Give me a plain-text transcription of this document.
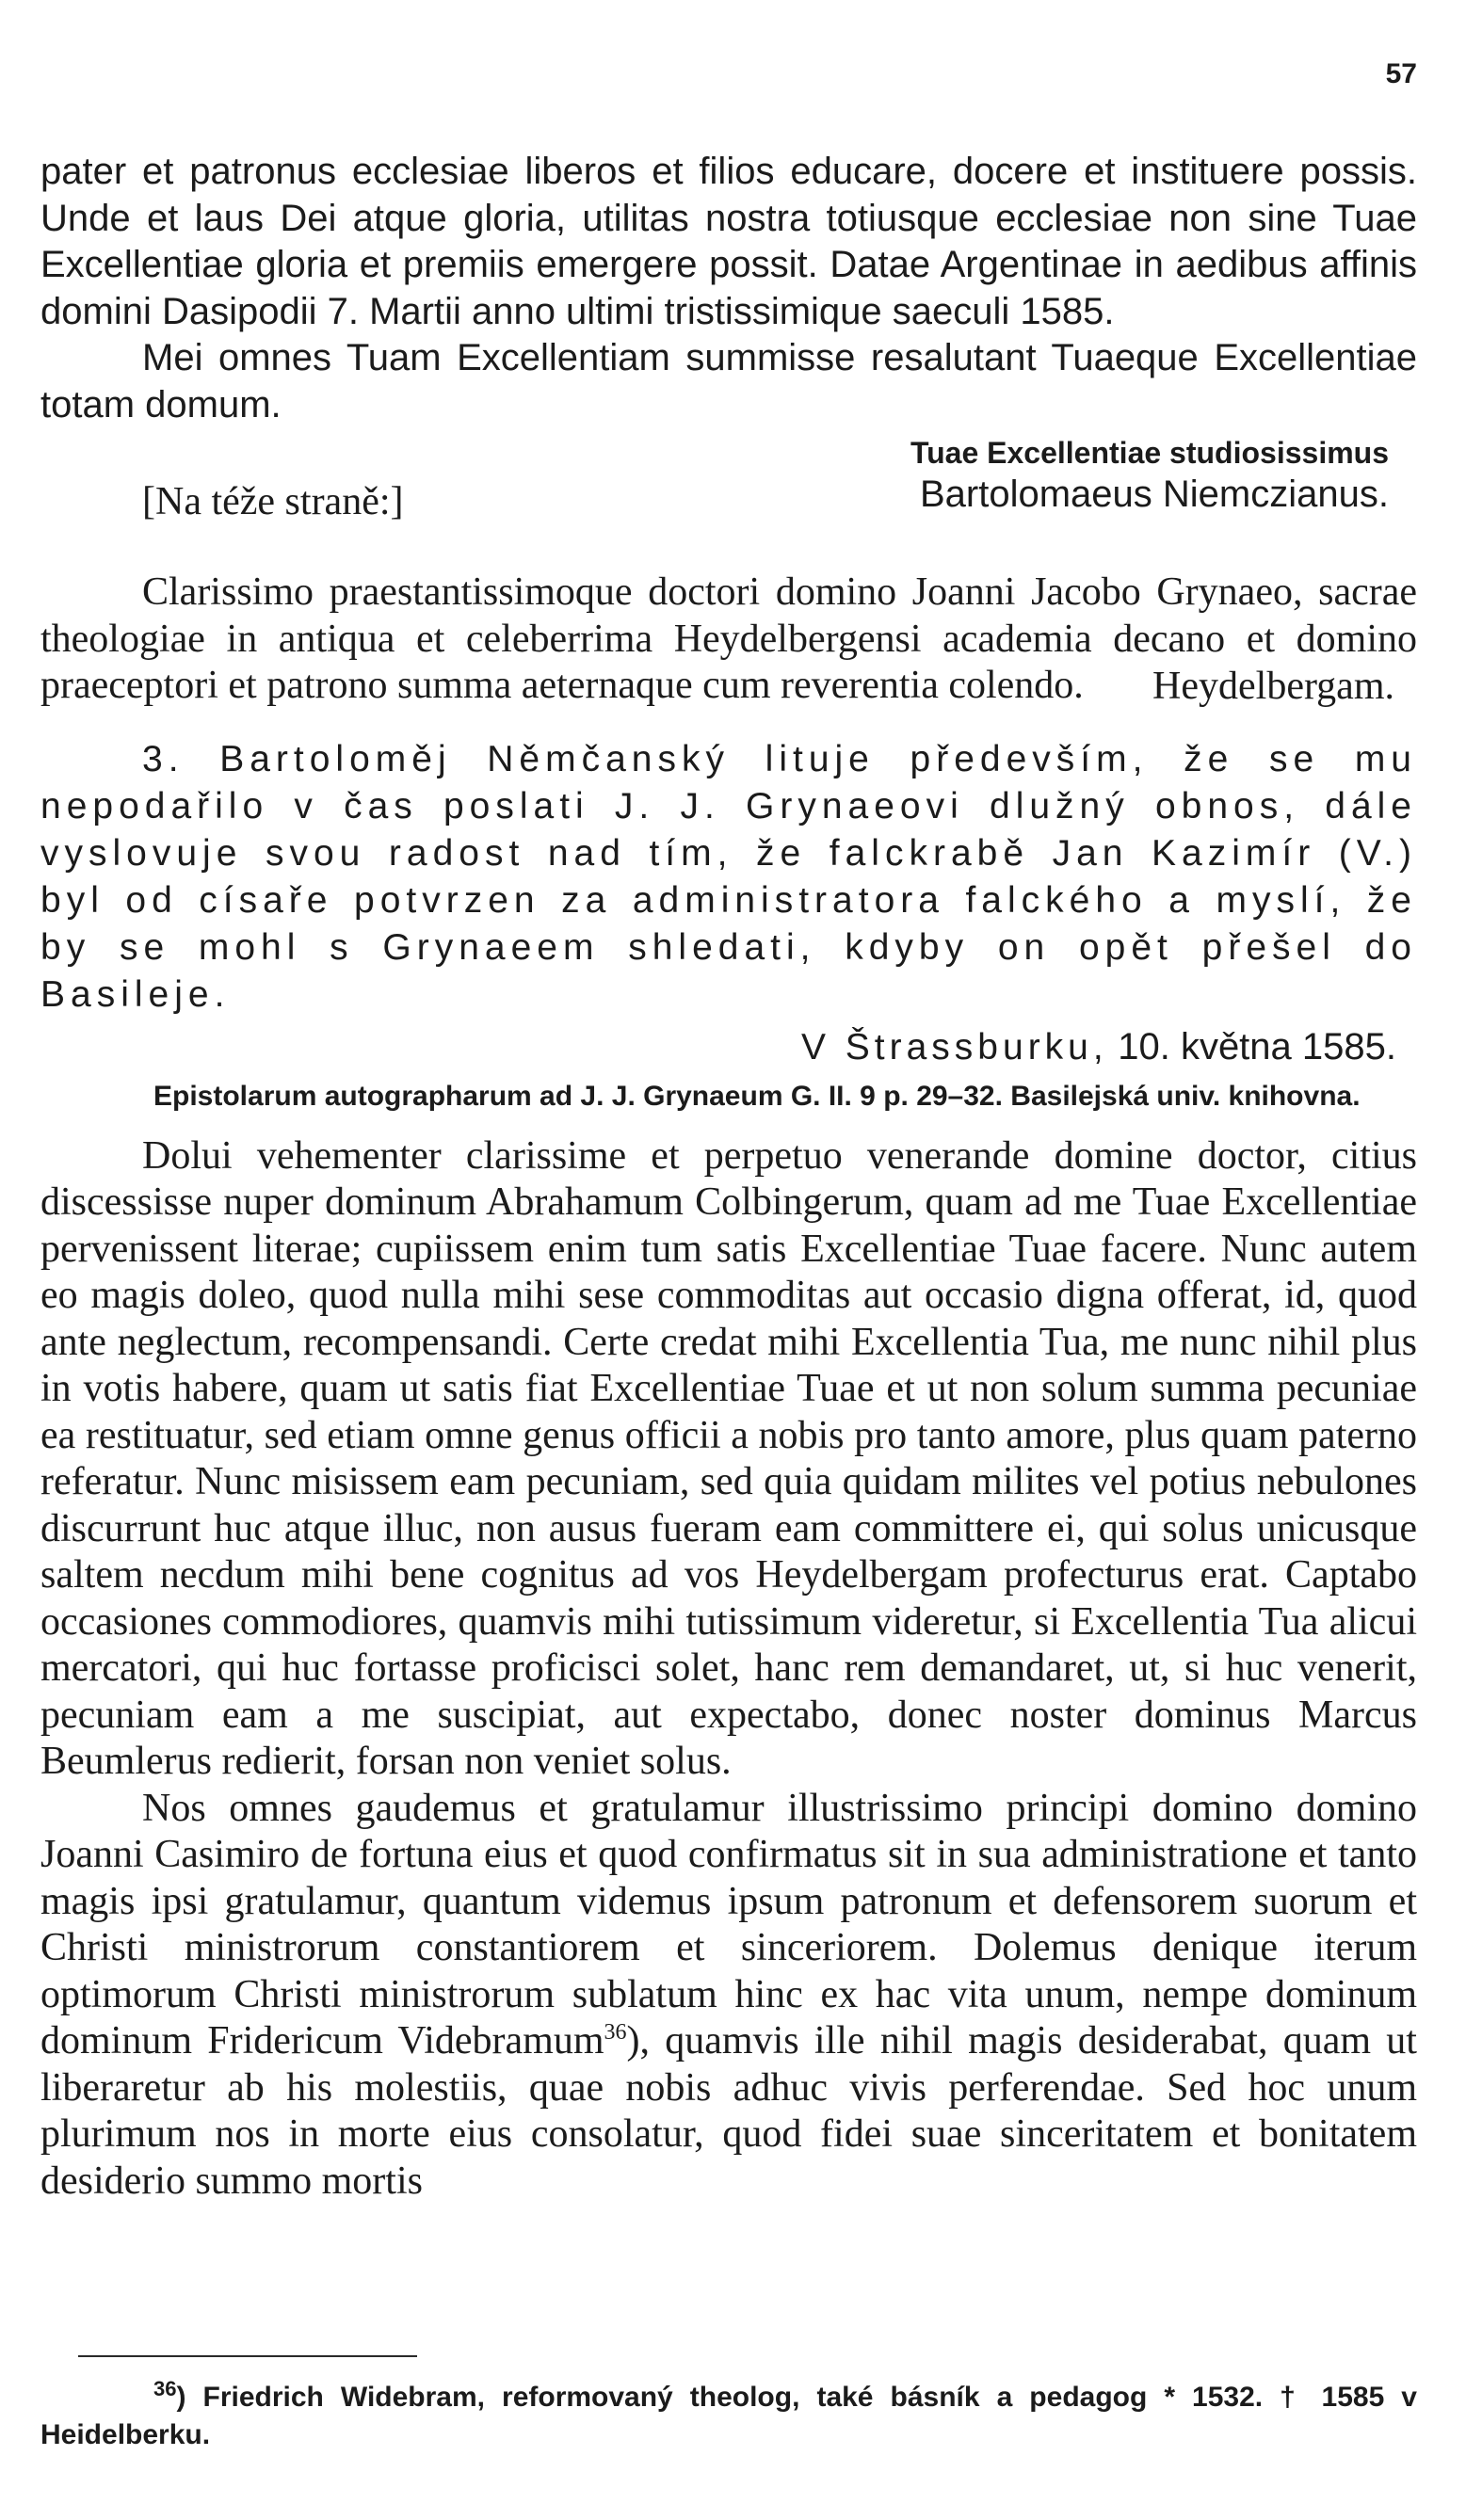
57

pater et patronus ecclesiae liberos et filios educare, docere et instituere possis. Unde et laus Dei atque gloria, utilitas nostra totiusque ecclesiae non sine Tuae Excellentiae gloria et premiis emergere possit. Datae Argentinae in aedibus affinis domini Dasipodii 7. Martii anno ultimi tristissimique saeculi 1585.

Mei omnes Tuam Excellentiam summisse resalutant Tuaeque Excellentiae totam domum.

Tuae Excellentiae studiosissimus

[Na téže straně:]	Bartolomaeus Niemczianus.

Clarissimo praestantissimoque doctori domino Joanni Jacobo Grynaeo, sacrae theologiae in antiqua et celeberrima Heydelbergensi academia decano et domino praeceptori et patrono summa aeternaque cum reverentia colendo.	Heydelbergam.

3. Bartoloměj Němčanský lituje především, že se mu nepodařilo v čas poslati J. J. Grynaeovi dlužný obnos, dále vyslovuje svou radost nad tím, že falckrabě Jan Kazimír (V.) byl od císaře potvrzen za administratora falckého a myslí, že by se mohl s Grynaeem shledati, kdyby on opět přešel do Basileje.

V Štrassburku, 10. května 1585.

Epistolarum autographarum ad J. J. Grynaeum G. II. 9 p. 29–32. Basilejská univ. knihovna.

Dolui vehementer clarissime et perpetuo venerande domine doctor, citius discessisse nuper dominum Abrahamum Colbingerum, quam ad me Tuae Excellentiae pervenissent literae; cupiissem enim tum satis Excellentiae Tuae facere. Nunc autem eo magis doleo, quod nulla mihi sese commoditas aut occasio digna offerat, id, quod ante neglectum, recompensandi. Certe credat mihi Excellentia Tua, me nunc nihil plus in votis habere, quam ut satis fiat Excellentiae Tuae et ut non solum summa pecuniae ea restituatur, sed etiam omne genus officii a nobis pro tanto amore, plus quam paterno referatur. Nunc misissem eam pecuniam, sed quia quidam milites vel potius nebulones discurrunt huc atque illuc, non ausus fueram eam committere ei, qui solus unicusque saltem necdum mihi bene cognitus ad vos Heydelbergam profecturus erat. Captabo occasiones commodiores, quamvis mihi tutissimum videretur, si Excellentia Tua alicui mercatori, qui huc fortasse proficisci solet, hanc rem demandaret, ut, si huc venerit, pecuniam eam a me suscipiat, aut expectabo, donec noster dominus Marcus Beumlerus redierit, forsan non veniet solus.

Nos omnes gaudemus et gratulamur illustrissimo principi domino domino Joanni Casimiro de fortuna eius et quod confirmatus sit in sua administratione et tanto magis ipsi gratulamur, quantum videmus ipsum patronum et defensorem suorum et Christi ministrorum constantiorem et sinceriorem. Dolemus denique iterum optimorum Christi ministrorum sublatum hinc ex hac vita unum, nempe dominum dominum Fridericum Videbramum$^{36}$), quamvis ille nihil magis desiderabat, quam ut liberaretur ab his molestiis, quae nobis adhuc vivis perferendae. Sed hoc unum plurimum nos in morte eius consolatur, quod fidei suae sinceritatem et bonitatem desiderio summo mortis

$^{36}$) Friedrich Widebram, reformovaný theolog, také básník a pedagog * 1532. † 1585 v Heidelberku.
